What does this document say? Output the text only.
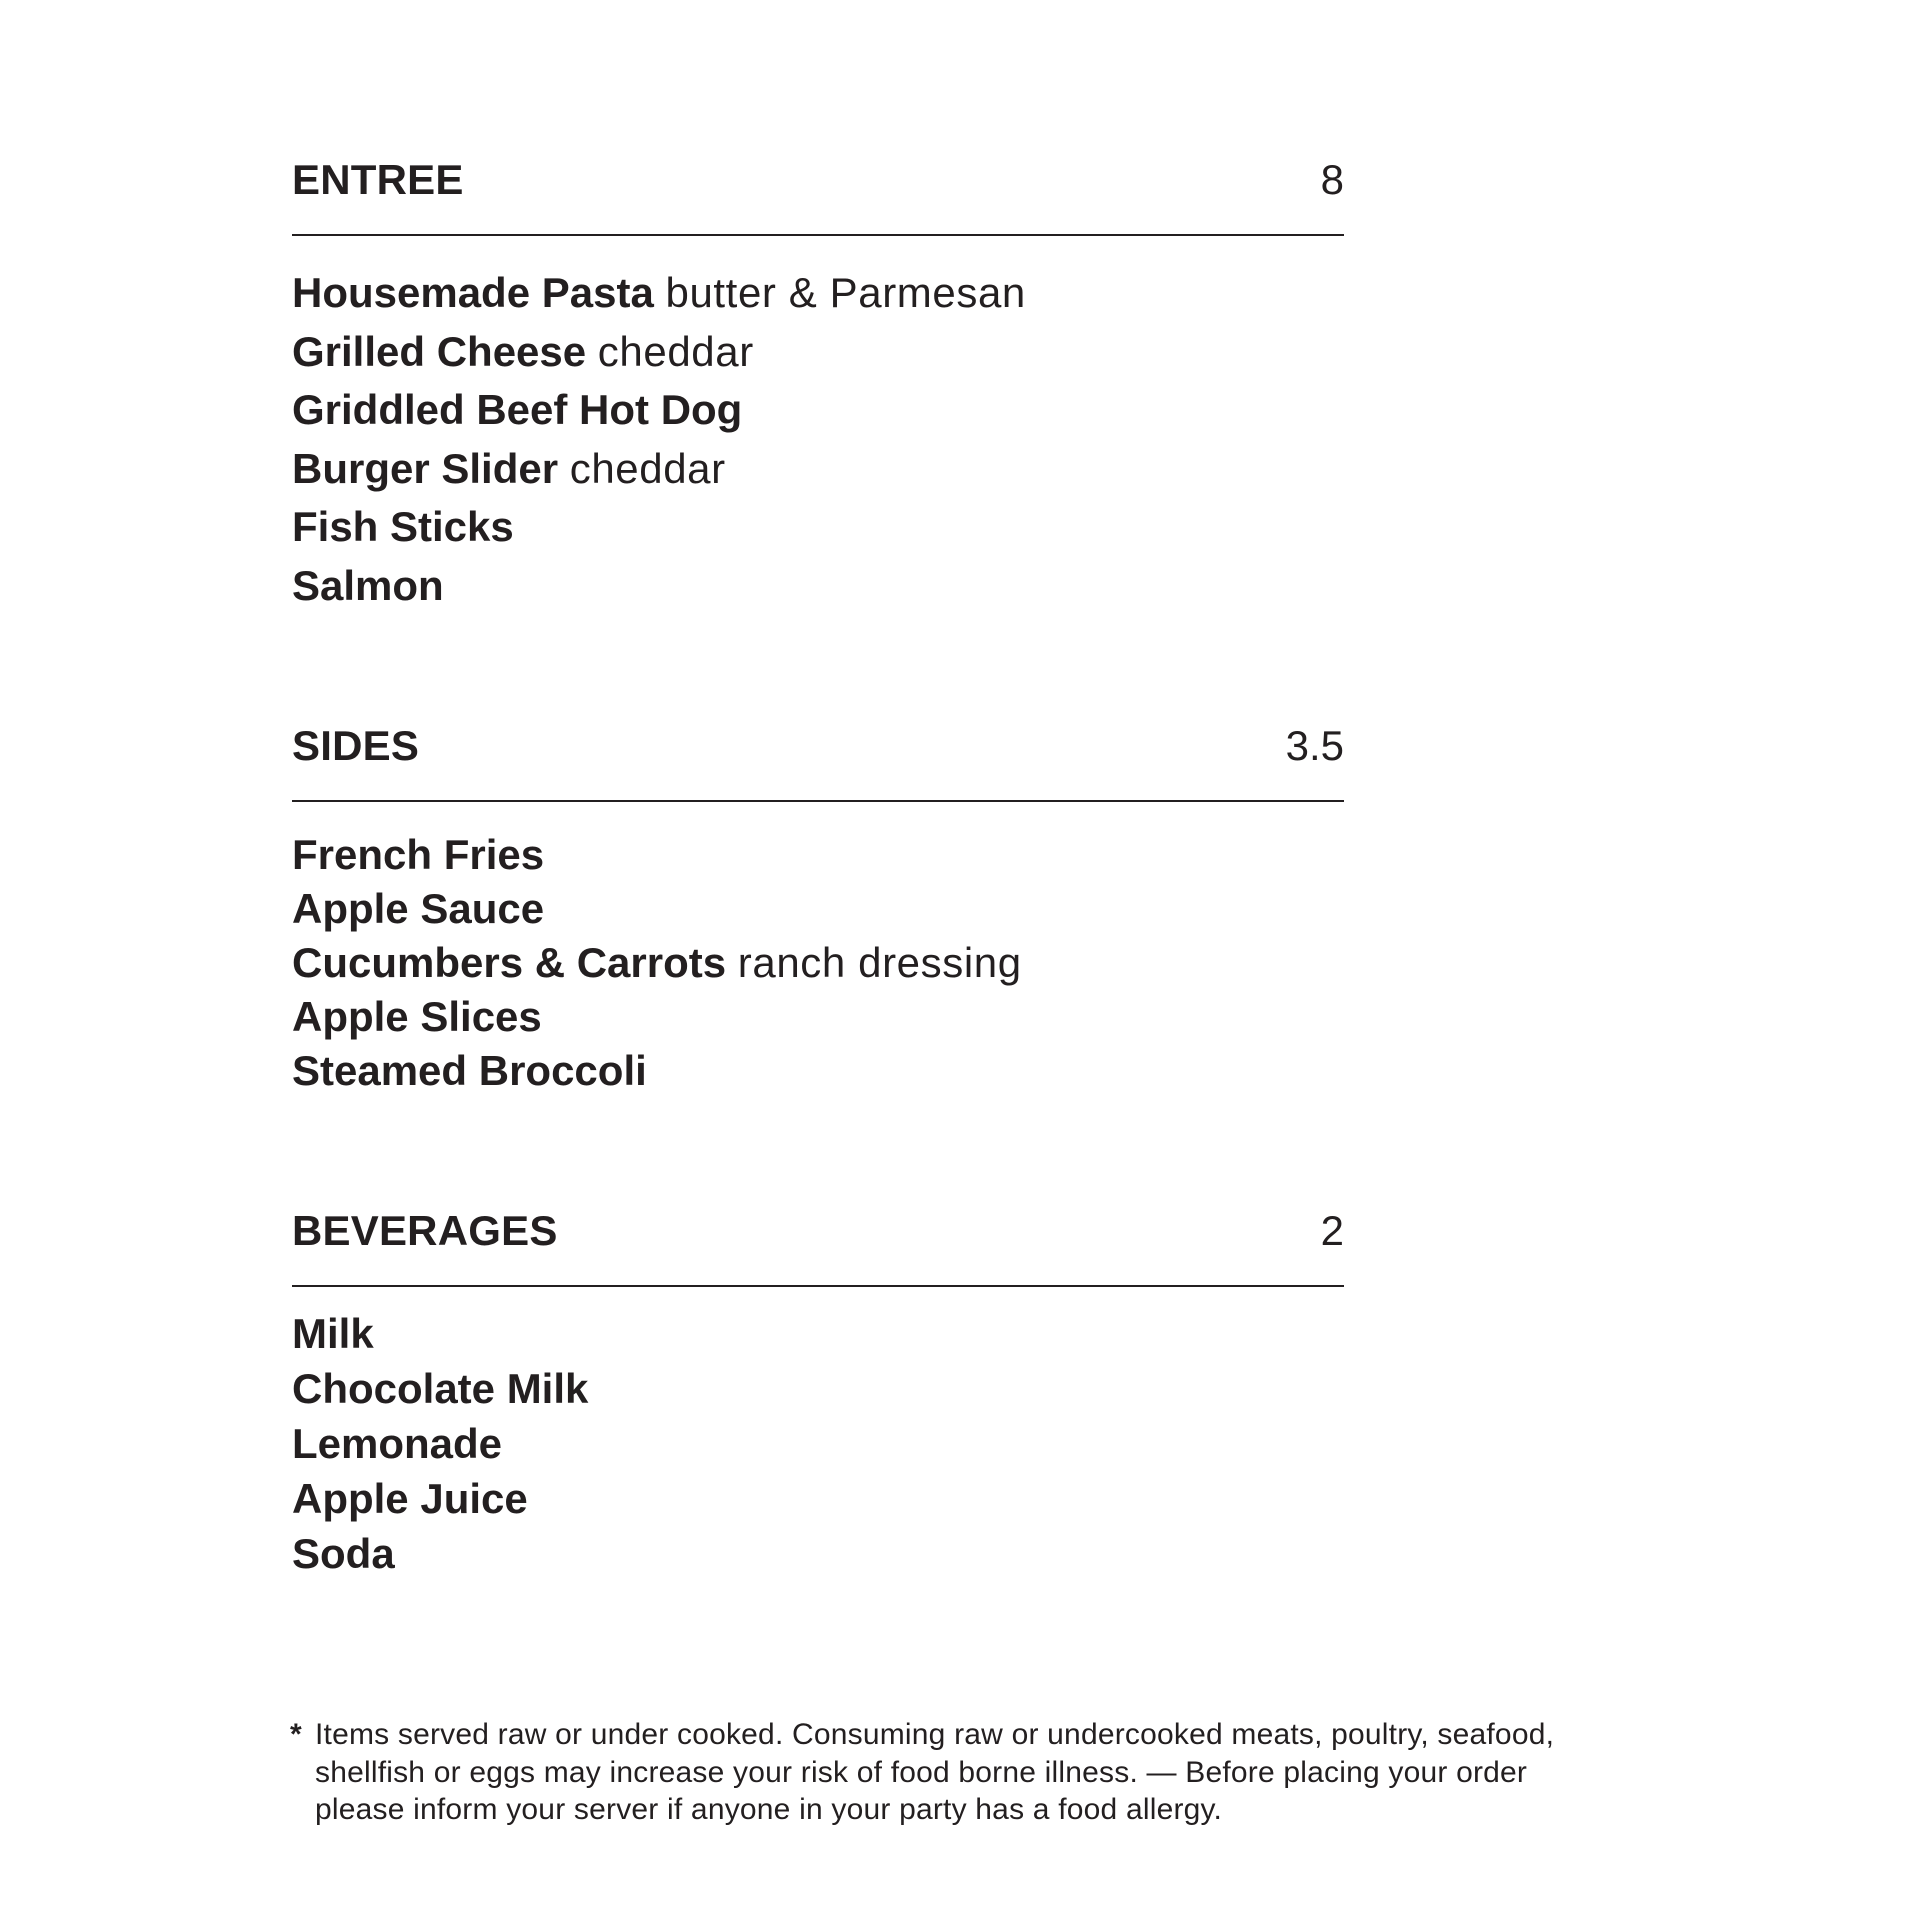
ENTREE	8
Housemade Pasta butter & Parmesan
Grilled Cheese cheddar
Griddled Beef Hot Dog
Burger Slider cheddar
Fish Sticks
Salmon
SIDES	3.5
French Fries
Apple Sauce
Cucumbers & Carrots ranch dressing
Apple Slices
Steamed Broccoli
BEVERAGES	2
Milk
Chocolate Milk
Lemonade
Apple Juice
Soda
* Items served raw or under cooked. Consuming raw or undercooked meats, poultry, seafood,
shellfish or eggs may increase your risk of food borne illness. — Before placing your order
please inform your server if anyone in your party has a food allergy.
